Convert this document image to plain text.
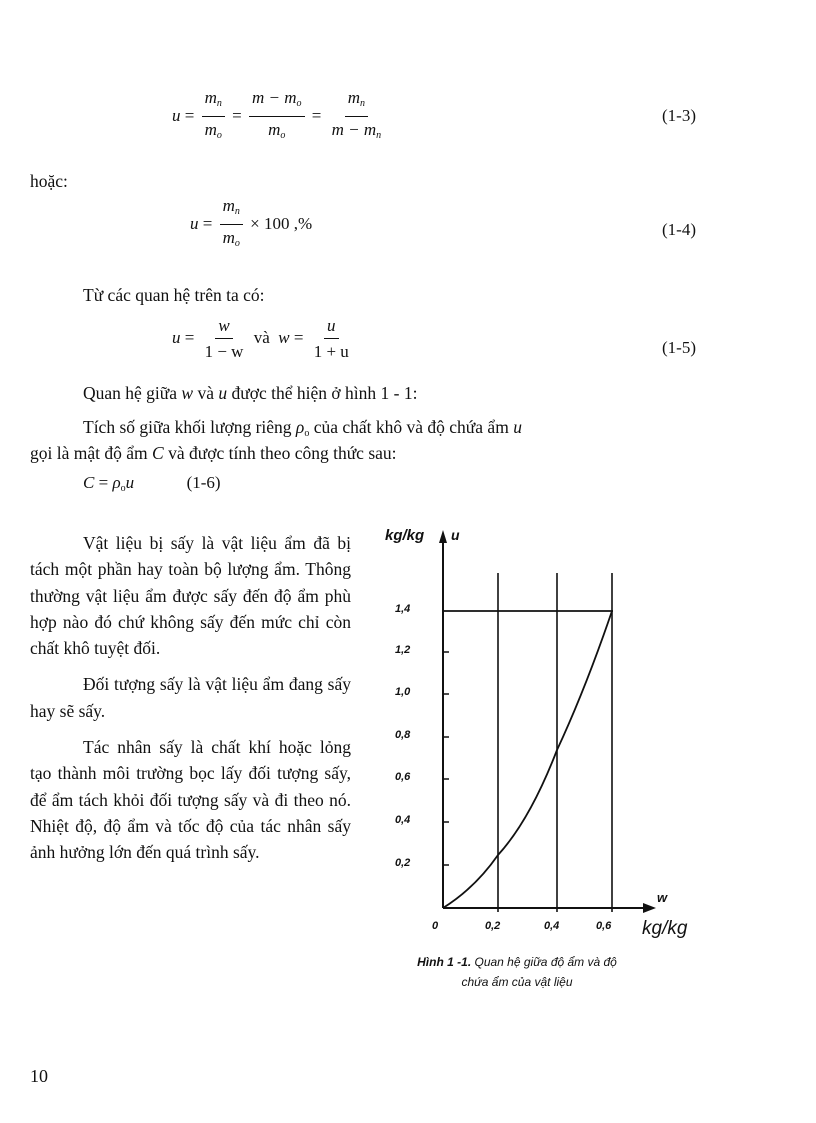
$u = \frac{m_n}{m_o} = \frac{m - m_o}{m_o} = \frac{m_n}{m - m_n}$	(1-3)
hoặc:
$u = \frac{m_n}{m_o} \times 100$ ,%	(1-4)
Từ các quan hệ trên ta có:
$u = \frac{w}{1 - w}$ và $w = \frac{u}{1 + u}$	(1-5)
Quan hệ giữa w và u được thể hiện ở hình 1 - 1:
Tích số giữa khối lượng riêng $\rho_o$ của chất khô và độ chứa ẩm u
gọi là mật độ ẩm C và được tính theo công thức sau:
$C = \rho_ou$	(1-6)

Vật liệu bị sấy là vật liệu ẩm đã bị tách một phần hay toàn bộ lượng ẩm. Thông thường vật liệu ẩm được sấy đến độ ẩm phù hợp nào đó chứ không sấy đến mức chỉ còn chất khô tuyệt đối.

Đối tượng sấy là vật liệu ẩm đang sấy hay sẽ sấy.

Tác nhân sấy là chất khí hoặc lỏng tạo thành môi trường bọc lấy đối tượng sấy, để ẩm tách khỏi đối tượng sấy và đi theo nó. Nhiệt độ, độ ẩm và tốc độ của tác nhân sấy ảnh hưởng lớn đến quá trình sấy.

kg/kg u
1,4
1,2
1,0
0,8
0,6
0,4
0,2
0	0,2	0,4	0,6
w
kg/kg
Hình 1 -1. Quan hệ giữa độ ẩm và độ
chứa ẩm của vật liệu
10
